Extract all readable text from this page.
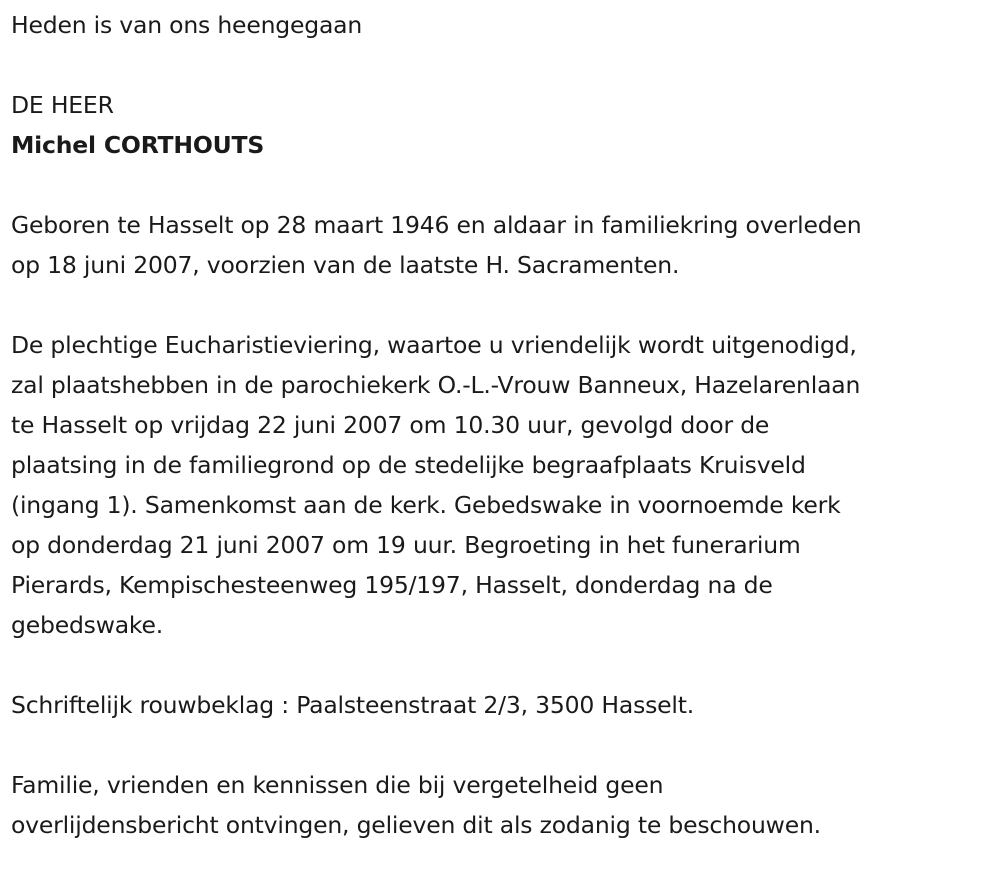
Heden is van ons heengegaan
DE HEER
Michel CORTHOUTS
Geboren te Hasselt op 28 maart 1946 en aldaar in familiekring overleden
op 18 juni 2007, voorzien van de laatste H. Sacramenten.
De plechtige Eucharistieviering, waartoe u vriendelijk wordt uitgenodigd,
zal plaatshebben in de parochiekerk O.-L.-Vrouw Banneux, Hazelarenlaan
te Hasselt op vrijdag 22 juni 2007 om 10.30 uur, gevolgd door de
plaatsing in de familiegrond op de stedelijke begraafplaats Kruisveld
(ingang 1). Samenkomst aan de kerk. Gebedswake in voornoemde kerk
op donderdag 21 juni 2007 om 19 uur. Begroeting in het funerarium
Pierards, Kempischesteenweg 195/197, Hasselt, donderdag na de
gebedswake.
Schriftelijk rouwbeklag : Paalsteenstraat 2/3, 3500 Hasselt.
Familie, vrienden en kennissen die bij vergetelheid geen
overlijdensbericht ontvingen, gelieven dit als zodanig te beschouwen.
